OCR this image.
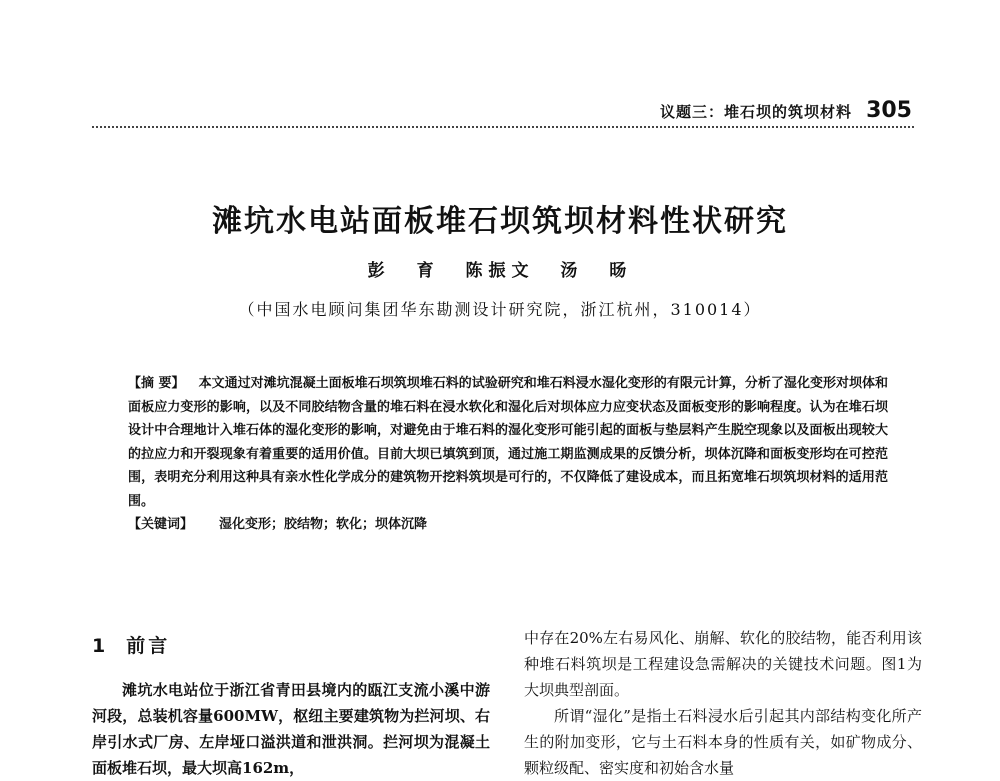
议题三：堆石坝的筑坝材料 305
滩坑水电站面板堆石坝筑坝材料性状研究
彭 育 陈振文 汤 旸
（中国水电顾问集团华东勘测设计研究院，浙江杭州，310014）
【摘 要】 本文通过对滩坑混凝土面板堆石坝筑坝堆石料的试验研究和堆石料浸水湿化变形的有限元计算，分析了湿化变形对坝体和面板应力变形的影响，以及不同胶结物含量的堆石料在浸水软化和湿化后对坝体应力应变状态及面板变形的影响程度。认为在堆石坝设计中合理地计入堆石体的湿化变形的影响，对避免由于堆石料的湿化变形可能引起的面板与垫层料产生脱空现象以及面板出现较大的拉应力和开裂现象有着重要的适用价值。目前大坝已填筑到顶，通过施工期监测成果的反馈分析，坝体沉降和面板变形均在可控范围，表明充分利用这种具有亲水性化学成分的建筑物开挖料筑坝是可行的，不仅降低了建设成本，而且拓宽堆石坝筑坝材料的适用范围。
【关键词】 湿化变形；胶结物；软化；坝体沉降
1 前言

滩坑水电站位于浙江省青田县境内的瓯江支流小溪中游河段，总装机容量600MW，枢纽主要建筑物为拦河坝、右岸引水式厂房、左岸垭口溢洪道和泄洪洞。拦河坝为混凝土面板堆石坝，最大坝高162m，

中存在20%左右易风化、崩解、软化的胶结物，能否利用该种堆石料筑坝是工程建设急需解决的关键技术问题。图1为大坝典型剖面。

所谓“湿化”是指土石料浸水后引起其内部结构变化所产生的附加变形，它与土石料本身的性质有关，如矿物成分、颗粒级配、密实度和初始含水量
